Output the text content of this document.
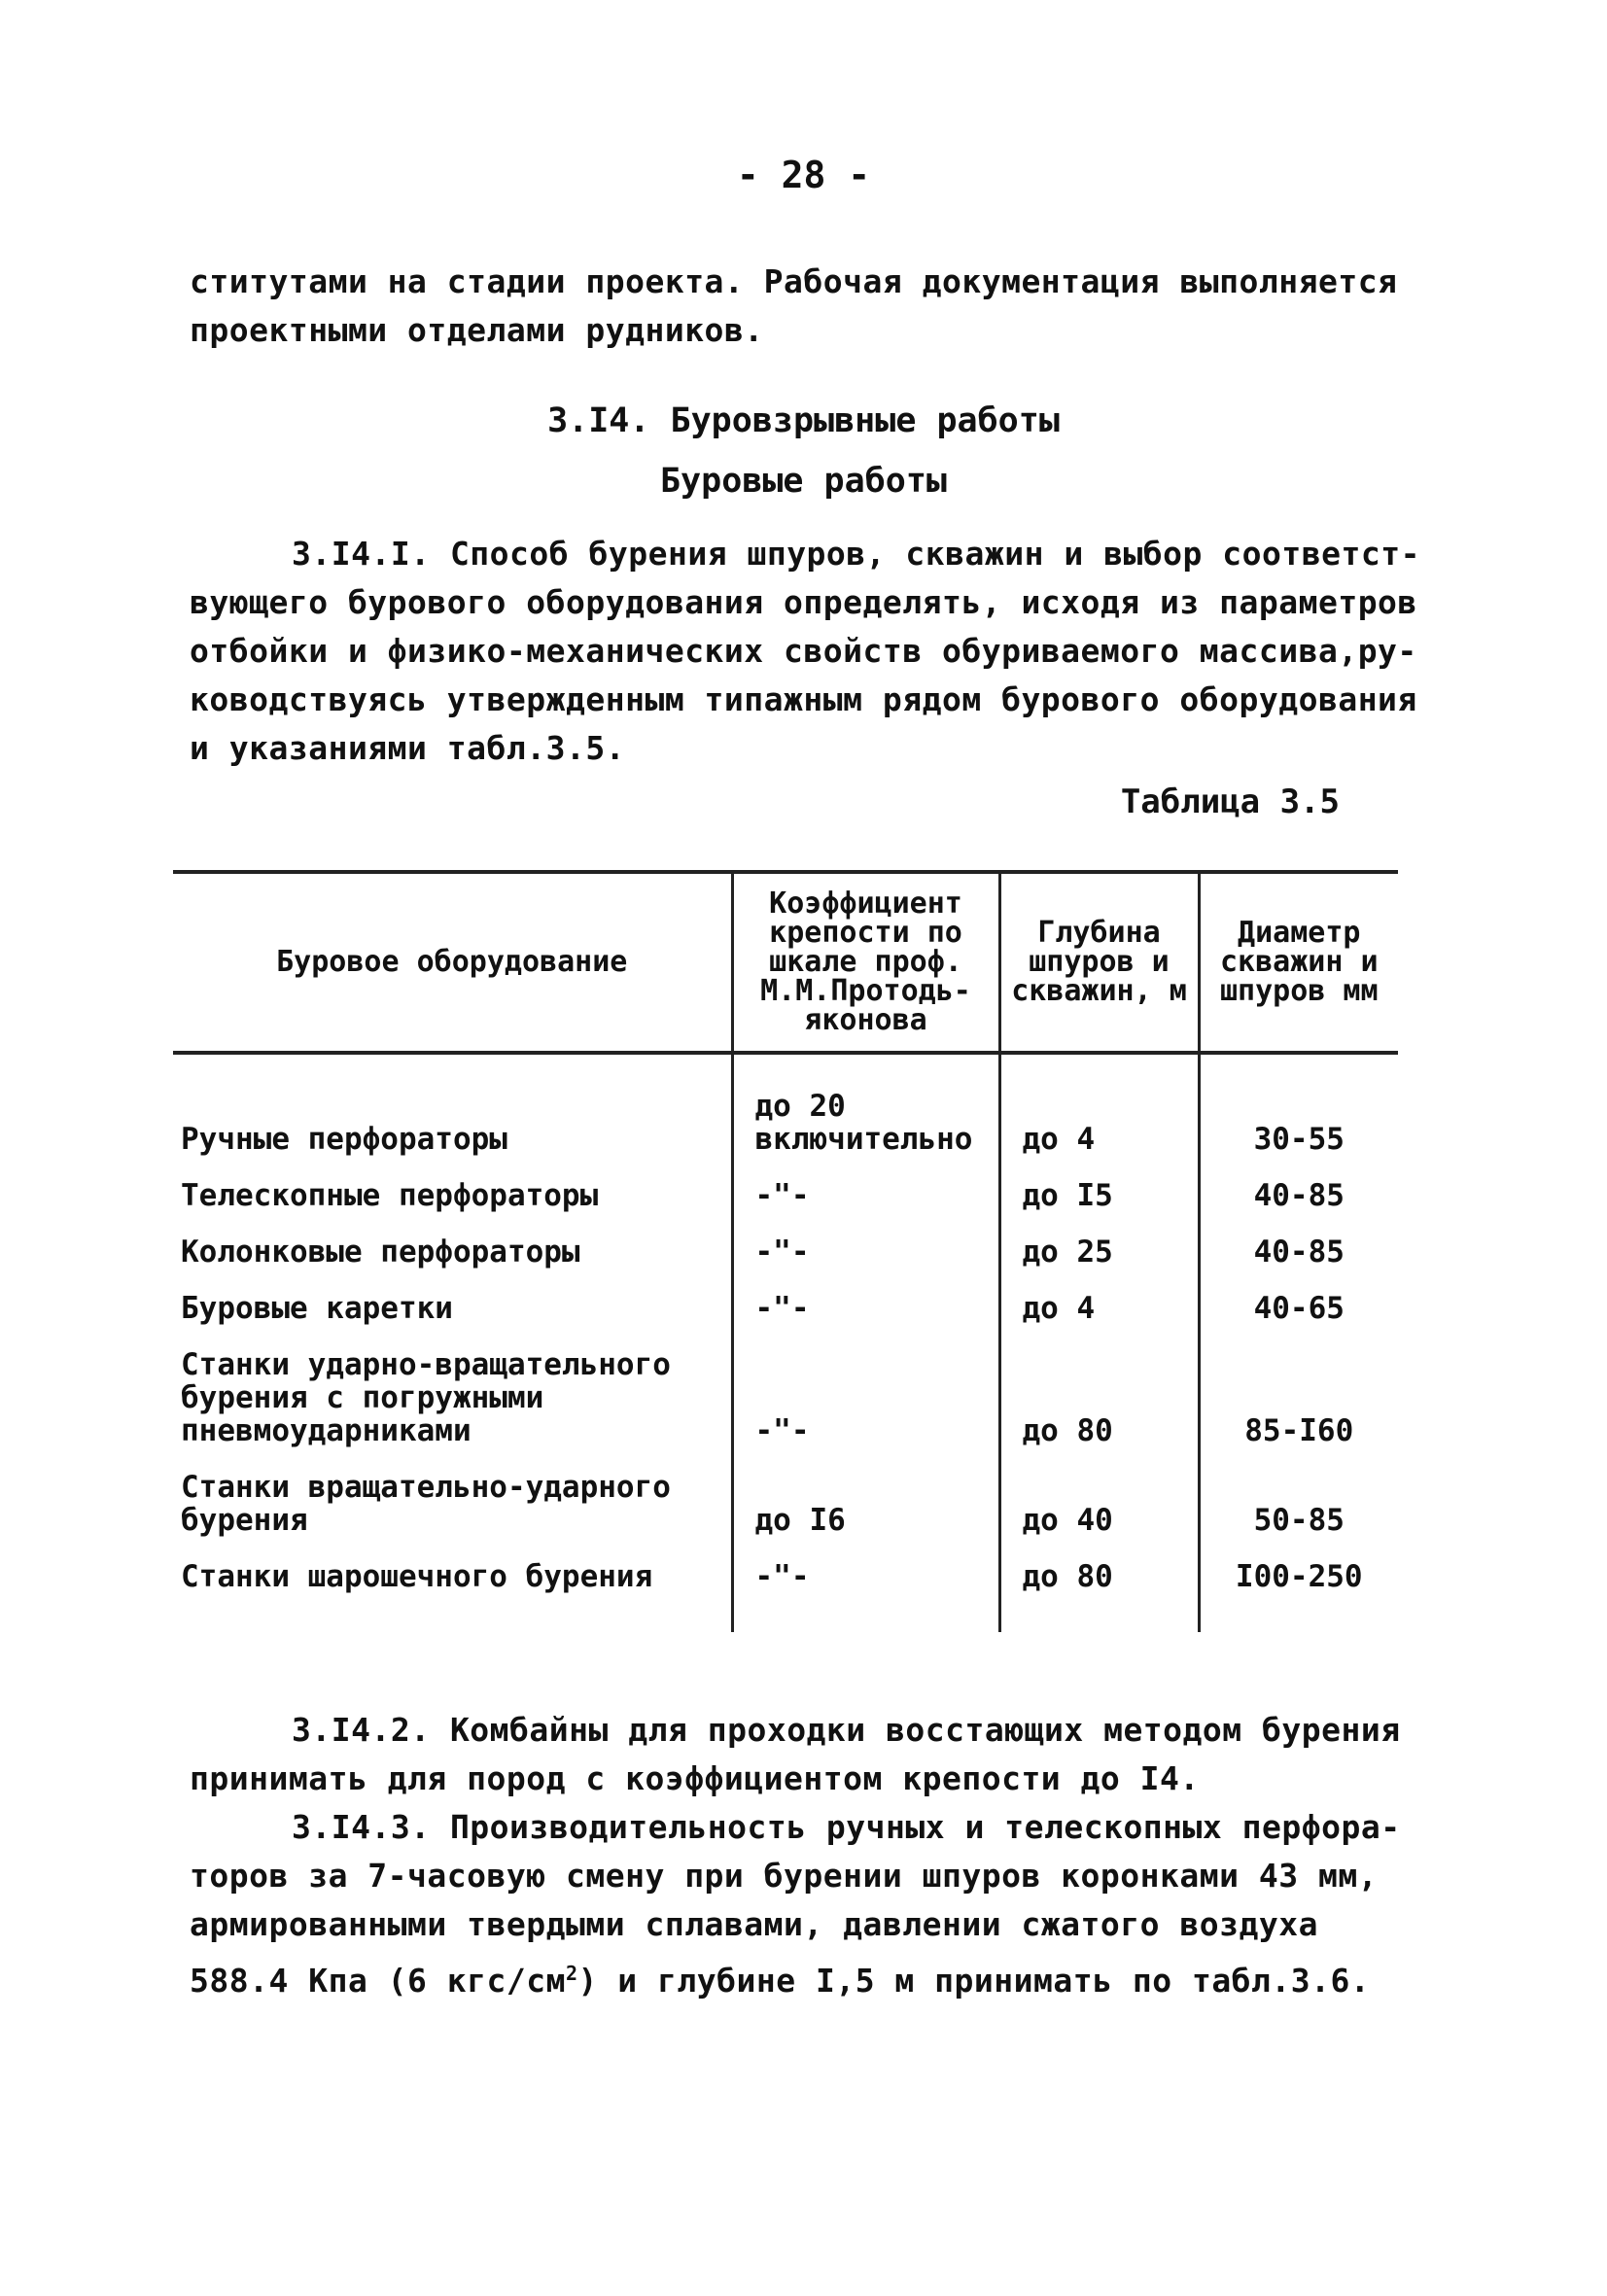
- 28 -

ститутами на стадии проекта. Рабочая документация выполняется
проектными отделами рудников.

3.I4. Буровзрывные работы
Буровые работы

3.I4.I. Способ бурения шпуров, скважин и выбор соответст-
вующего бурового оборудования определять, исходя из параметров
отбойки и физико-механических свойств обуриваемого массива,ру-
ководствуясь утвержденным типажным рядом бурового оборудования
и указаниями табл.3.5.

Таблица 3.5
Буровое оборудование	Коэффициент крепости по шкале проф. М.М.Протодь-яконова	Глубина шпуров и скважин, м	Диаметр скважин и шпуров мм
Ручные перфораторы	до 20 включительно	до 4	30-55
Телескопные перфораторы	-"-	до I5	40-85
Колонковые перфораторы	-"-	до 25	40-85
Буровые каретки	-"-	до 4	40-65
Станки ударно-вращательного бурения с погружными пневмоударниками	-"-	до 80	85-I60
Станки вращательно-ударного бурения	до I6	до 40	50-85
Станки шарошечного бурения	-"-	до 80	I00-250

3.I4.2. Комбайны для проходки восстающих методом бурения
принимать для пород с коэффициентом крепости до I4.

3.I4.3. Производительность ручных и телескопных перфора-
торов за 7-часовую смену при бурении шпуров коронками 43 мм,
армированными твердыми сплавами, давлении сжатого воздуха
588.4 Кпа (6 кгс/$см^2$) и глубине I,5 м принимать по табл.3.6.
